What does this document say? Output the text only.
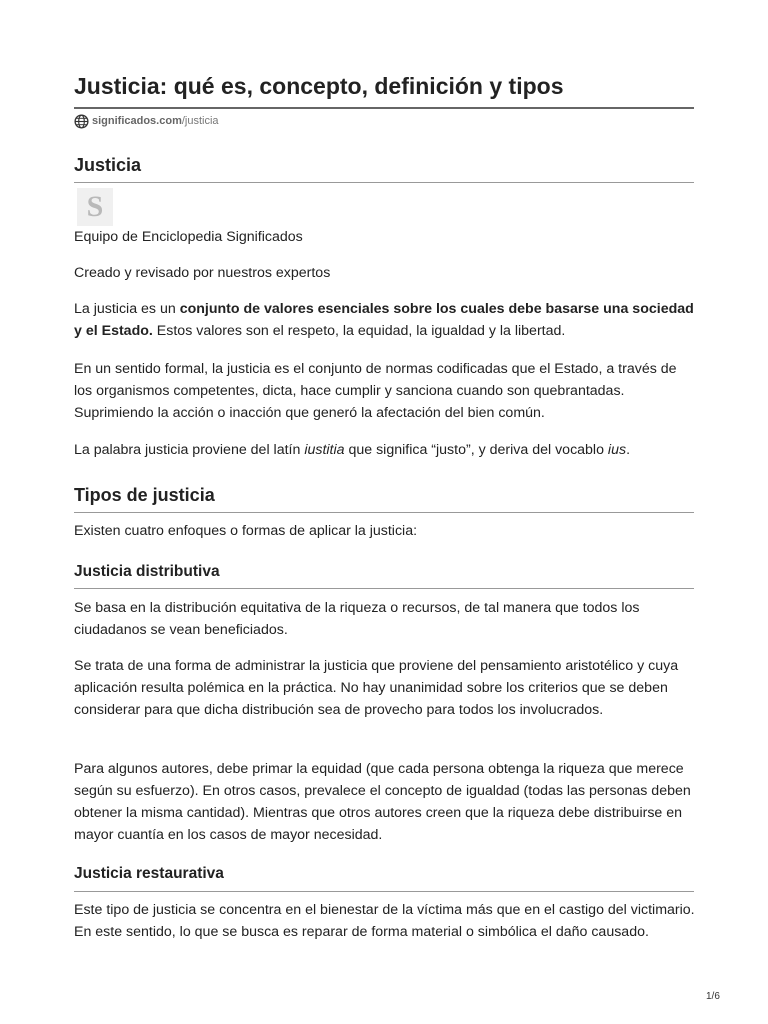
Justicia: qué es, concepto, definición y tipos
significados.com /justicia
Justicia
S

Equipo de Enciclopedia Significados

Creado y revisado por nuestros expertos

La justicia es un conjunto de valores esenciales sobre los cuales debe basarse una sociedad y el Estado. Estos valores son el respeto, la equidad, la igualdad y la libertad.

En un sentido formal, la justicia es el conjunto de normas codificadas que el Estado, a través de los organismos competentes, dicta, hace cumplir y sanciona cuando son quebrantadas. Suprimiendo la acción o inacción que generó la afectación del bien común.

La palabra justicia proviene del latín iustitia que significa “justo”, y deriva del vocablo ius.

Tipos de justicia

Existen cuatro enfoques o formas de aplicar la justicia:

Justicia distributiva

Se basa en la distribución equitativa de la riqueza o recursos, de tal manera que todos los ciudadanos se vean beneficiados.

Se trata de una forma de administrar la justicia que proviene del pensamiento aristotélico y cuya aplicación resulta polémica en la práctica. No hay unanimidad sobre los criterios que se deben considerar para que dicha distribución sea de provecho para todos los involucrados.

Para algunos autores, debe primar la equidad (que cada persona obtenga la riqueza que merece según su esfuerzo). En otros casos, prevalece el concepto de igualdad (todas las personas deben obtener la misma cantidad). Mientras que otros autores creen que la riqueza debe distribuirse en mayor cuantía en los casos de mayor necesidad.

Justicia restaurativa

Este tipo de justicia se concentra en el bienestar de la víctima más que en el castigo del victimario. En este sentido, lo que se busca es reparar de forma material o simbólica el daño causado.

1/6
